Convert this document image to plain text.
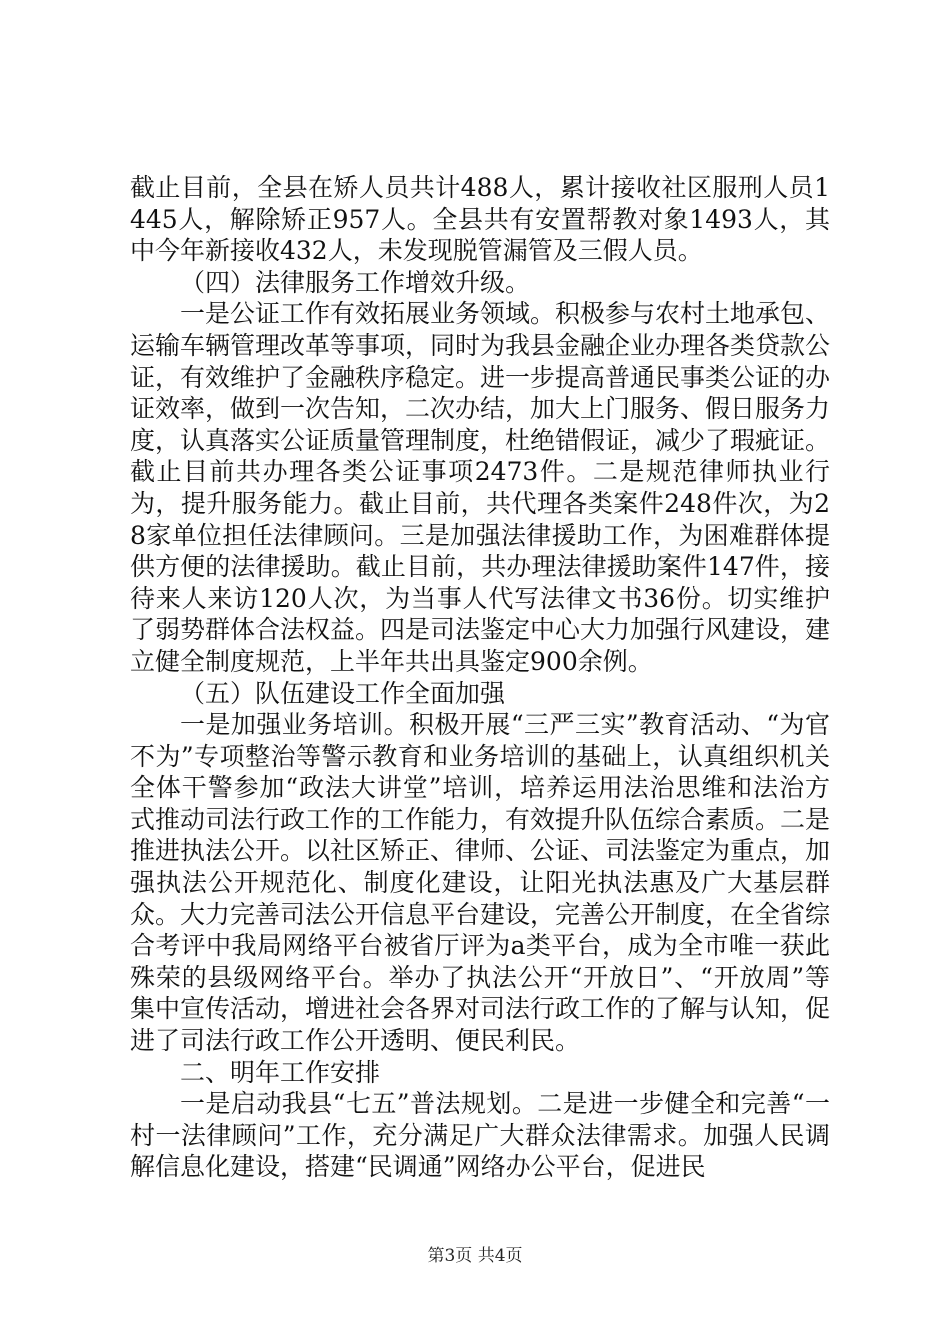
截止目前，全县在矫人员共计488人，累计接收社区服刑人员1445人，解除矫正957人。全县共有安置帮教对象1493人，其中今年新接收432人，未发现脱管漏管及三假人员。

（四）法律服务工作增效升级。

一是公证工作有效拓展业务领域。积极参与农村土地承包、运输车辆管理改革等事项，同时为我县金融企业办理各类贷款公证，有效维护了金融秩序稳定。进一步提高普通民事类公证的办证效率，做到一次告知，二次办结，加大上门服务、假日服务力度，认真落实公证质量管理制度，杜绝错假证，减少了瑕疵证。截止目前共办理各类公证事项2473件。二是规范律师执业行为，提升服务能力。截止目前，共代理各类案件248件次，为28家单位担任法律顾问。三是加强法律援助工作，为困难群体提供方便的法律援助。截止目前，共办理法律援助案件147件，接待来人来访120人次，为当事人代写法律文书36份。切实维护了弱势群体合法权益。四是司法鉴定中心大力加强行风建设，建立健全制度规范，上半年共出具鉴定900余例。

（五）队伍建设工作全面加强

一是加强业务培训。积极开展“三严三实”教育活动、“为官不为”专项整治等警示教育和业务培训的基础上，认真组织机关全体干警参加“政法大讲堂”培训，培养运用法治思维和法治方式推动司法行政工作的工作能力，有效提升队伍综合素质。二是推进执法公开。以社区矫正、律师、公证、司法鉴定为重点，加强执法公开规范化、制度化建设，让阳光执法惠及广大基层群众。大力完善司法公开信息平台建设，完善公开制度，在全省综合考评中我局网络平台被省厅评为a类平台，成为全市唯一获此殊荣的县级网络平台。举办了执法公开“开放日”、“开放周”等集中宣传活动，增进社会各界对司法行政工作的了解与认知，促进了司法行政工作公开透明、便民利民。

二、明年工作安排

一是启动我县“七五”普法规划。二是进一步健全和完善“一村一法律顾问”工作，充分满足广大群众法律需求。加强人民调解信息化建设，搭建“民调通”网络办公平台，促进民

第3页 共4页
